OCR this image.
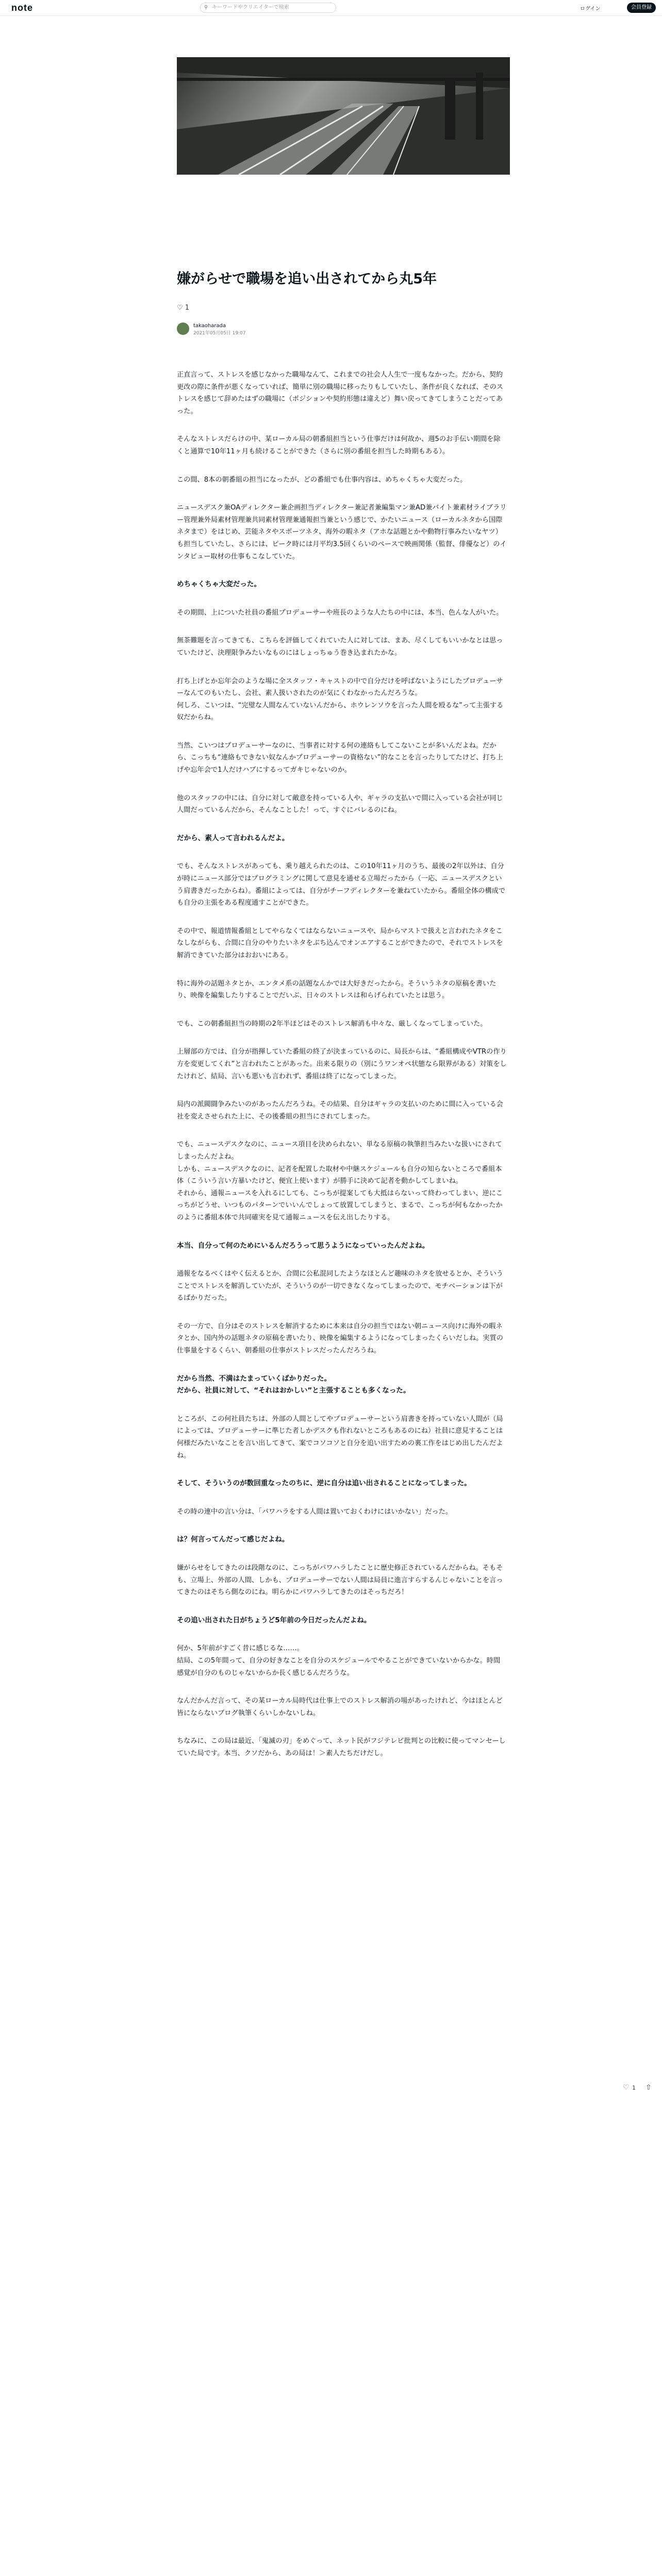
note	⚲ キーワードやクリエイターで検索	ログイン	会員登録
嫌がらせで職場を追い出されてから丸5年
♡ 1
takaoharada
2021年05月05日 19:07

正直言って、ストレスを感じなかった職場なんて、これまでの社会人人生で一度もなかった。だから、契約更改の際に条件が悪くなっていれば、簡単に別の職場に移ったりもしていたし、条件が良くなれば、そのストレスを感じて辞めたはずの職場に（ポジションや契約形態は違えど）舞い戻ってきてしまうことだってあった。

そんなストレスだらけの中、某ローカル局の朝番組担当という仕事だけは何故か、週5のお手伝い期間を除くと通算で10年11ヶ月も続けることができた（さらに別の番組を担当した時期もある）。

この間、8本の朝番組の担当になったが、どの番組でも仕事内容は、めちゃくちゃ大変だった。

ニュースデスク兼OAディレクター兼企画担当ディレクター兼記者兼編集マン兼AD兼バイト兼素材ライブラリー管理兼外局素材管理兼共同素材管理兼通報担当兼という感じで、かたいニュース（ローカルネタから国際ネタまで）をはじめ、芸能ネタやスポーツネタ、海外の暇ネタ（アホな話題とかや動物行事みたいなヤツ）も担当していたし、さらには、ピーク時には月平均3.5回くらいのペースで映画関係（監督、俳優など）のインタビュー取材の仕事もこなしていた。

めちゃくちゃ大変だった。

その期間、上についた社員の番組プロデューサーや班長のような人たちの中には、本当、色んな人がいた。

無茶難題を言ってきても、こちらを評価してくれていた人に対しては、まあ、尽くしてもいいかなとは思っていたけど、決理限争みたいなものにはしょっちゅう巻き込まれたかな。

打ち上げとか忘年会のような場に全スタッフ・キャストの中で自分だけを呼ばないようにしたプロデューサーなんてのもいたし、会社、素人扱いされたのが気にくわなかったんだろうな。
何しろ、こいつは、“完璧な人間なんていないんだから、ホウレンソウを言った人間を殴るな”って主張する奴だからね。

当然、こいつはプロデューサーなのに、当事者に対する何の連絡もしてこないことが多いんだよね。だから、こっちも“連絡もできない奴なんかプロデューサーの資格ない”的なことを言ったりしてたけど、打ち上げや忘年会で1人だけハブにするってガキじゃないのか。

他のスタッフの中には、自分に対して敵意を持っている人や、ギャラの支払いで間に入っている会社が同じ人間だっているんだから、そんなことした！って、すぐにバレるのにね。

だから、素人って言われるんだよ。

でも、そんなストレスがあっても、乗り越えられたのは、この10年11ヶ月のうち、最後の2年以外は、自分が時にニュース部分ではプログラミングに関して意見を通せる立場だったから（一応、ニュースデスクという肩書きだったからね）。番組によっては、自分がチーフディレクターを兼ねていたから。番組全体の構成でも自分の主張をある程度通すことができた。

その中で、報道情報番組としてやらなくてはならないニュースや、局からマストで扱えと言われたネタをこなしながらも、合間に自分のやりたいネタをぶち込んでオンエアすることができたので、それでストレスを解消できていた部分はおおいにある。

特に海外の話題ネタとか、エンタメ系の話題なんかでは大好きだったから。そういうネタの原稿を書いたり、映像を編集したりすることでだいぶ、日々のストレスは和らげられていたとは思う。

でも、この朝番組担当の時期の2年半ほどはそのストレス解消も中々な、厳しくなってしまっていた。

上層部の方では、自分が指揮していた番組の終了が決まっているのに、局長からは、“番組構成やVTRの作り方を変更してくれ”と言われたことがあった。出来る限りの（別にうワンオペ状態なら限界がある）対策をしたけれど、結局、言いも悪いも言われず、番組は終了になってしまった。

局内の派閥闘争みたいのがあったんだろうね。その結果、自分はギャラの支払いのために間に入っている会社を変えさせられた上に、その後番組の担当にされてしまった。

でも、ニュースデスクなのに、ニュース項目を決められない、単なる原稿の執筆担当みたいな扱いにされてしまったんだよね。
しかも、ニュースデスクなのに、記者を配置した取材や中継スケジュールも自分の知らないところで番組本体（こういう言い方暴いたけど、便宜上使います）が勝手に決めて記者を動かしてしまいね。
それから、通報ニュースを入れるにしても、こっちが提案しても大抵はらないって終わってしまい、逆にこっちがどうせ、いつものパターンでいいんでしょって放置してしまうと、まるで、こっちが何もなかったかのように番組本体で共同確実を見て通報ニュースを伝え出したりする。

本当、自分って何のためにいるんだろうって思うようになっていったんだよね。

通報をなるべくはやく伝えるとか、合間に公私混同したようなほとんど趣味のネタを放せるとか、そういうことでストレスを解消していたが、そういうのが一切できなくなってしまったので、モチベーションは下がるばかりだった。

その一方で、自分はそのストレスを解消するために本来は自分の担当ではない朝ニュース向けに海外の暇ネタとか、国内外の話題ネタの原稿を書いたり、映像を編集するようになってしまったくらいだしね。実質の仕事量をするくらい、朝番組の仕事がストレスだったんだろうね。

だから当然、不満はたまっていくばかりだった。
だから、社員に対して、“それはおかしい”と主張することも多くなった。

ところが、この何社員たちは、外部の人間としてやプロデューサーという肩書きを持っていない人間が（局によっては、プロデューサーに準じた者しかデスクも作れないところもあるのにね）社員に意見することは何様だみたいなことを言い出してきて、案でコソコソと自分を追い出すための裏工作をはじめ出したんだよね。

そして、そういうのが数回重なったのちに、逆に自分は追い出されることになってしまった。

その時の連中の言い分は、「パワハラをする人間は置いておくわけにはいかない」だった。

は？何言ってんだって感じだよね。

嫌がらせをしてきたのは段階なのに、こっちがパワハラしたことに歴史修正されているんだからね。そもそも、立場上、外部の人間、しかも、プロデューサーでない人間は局員に進言すらするんじゃないことを言ってきたのはそちら側なのにね。明らかにパワハラしてきたのはそっちだろ！

その追い出された日がちょうど5年前の今日だったんだよね。

何か、5年前がすごく昔に感じるな……。
結局、この5年間って、自分の好きなことを自分のスケジュールでやることができていないからかな。時間感覚が自分のものじゃないからか長く感じるんだろうな。

なんだかんだ言って、その某ローカル局時代は仕事上でのストレス解消の場があったけれど、今はほとんど皆にならないブログ執筆くらいしかないしね。

ちなみに、この局は最近、「鬼滅の刃」をめぐって、ネット民がフジテレビ批判との比較に使ってマンセーしていた局です。本当、クソだから、あの局は！＞素人たちだけだし。

♡ 1 ⇧
